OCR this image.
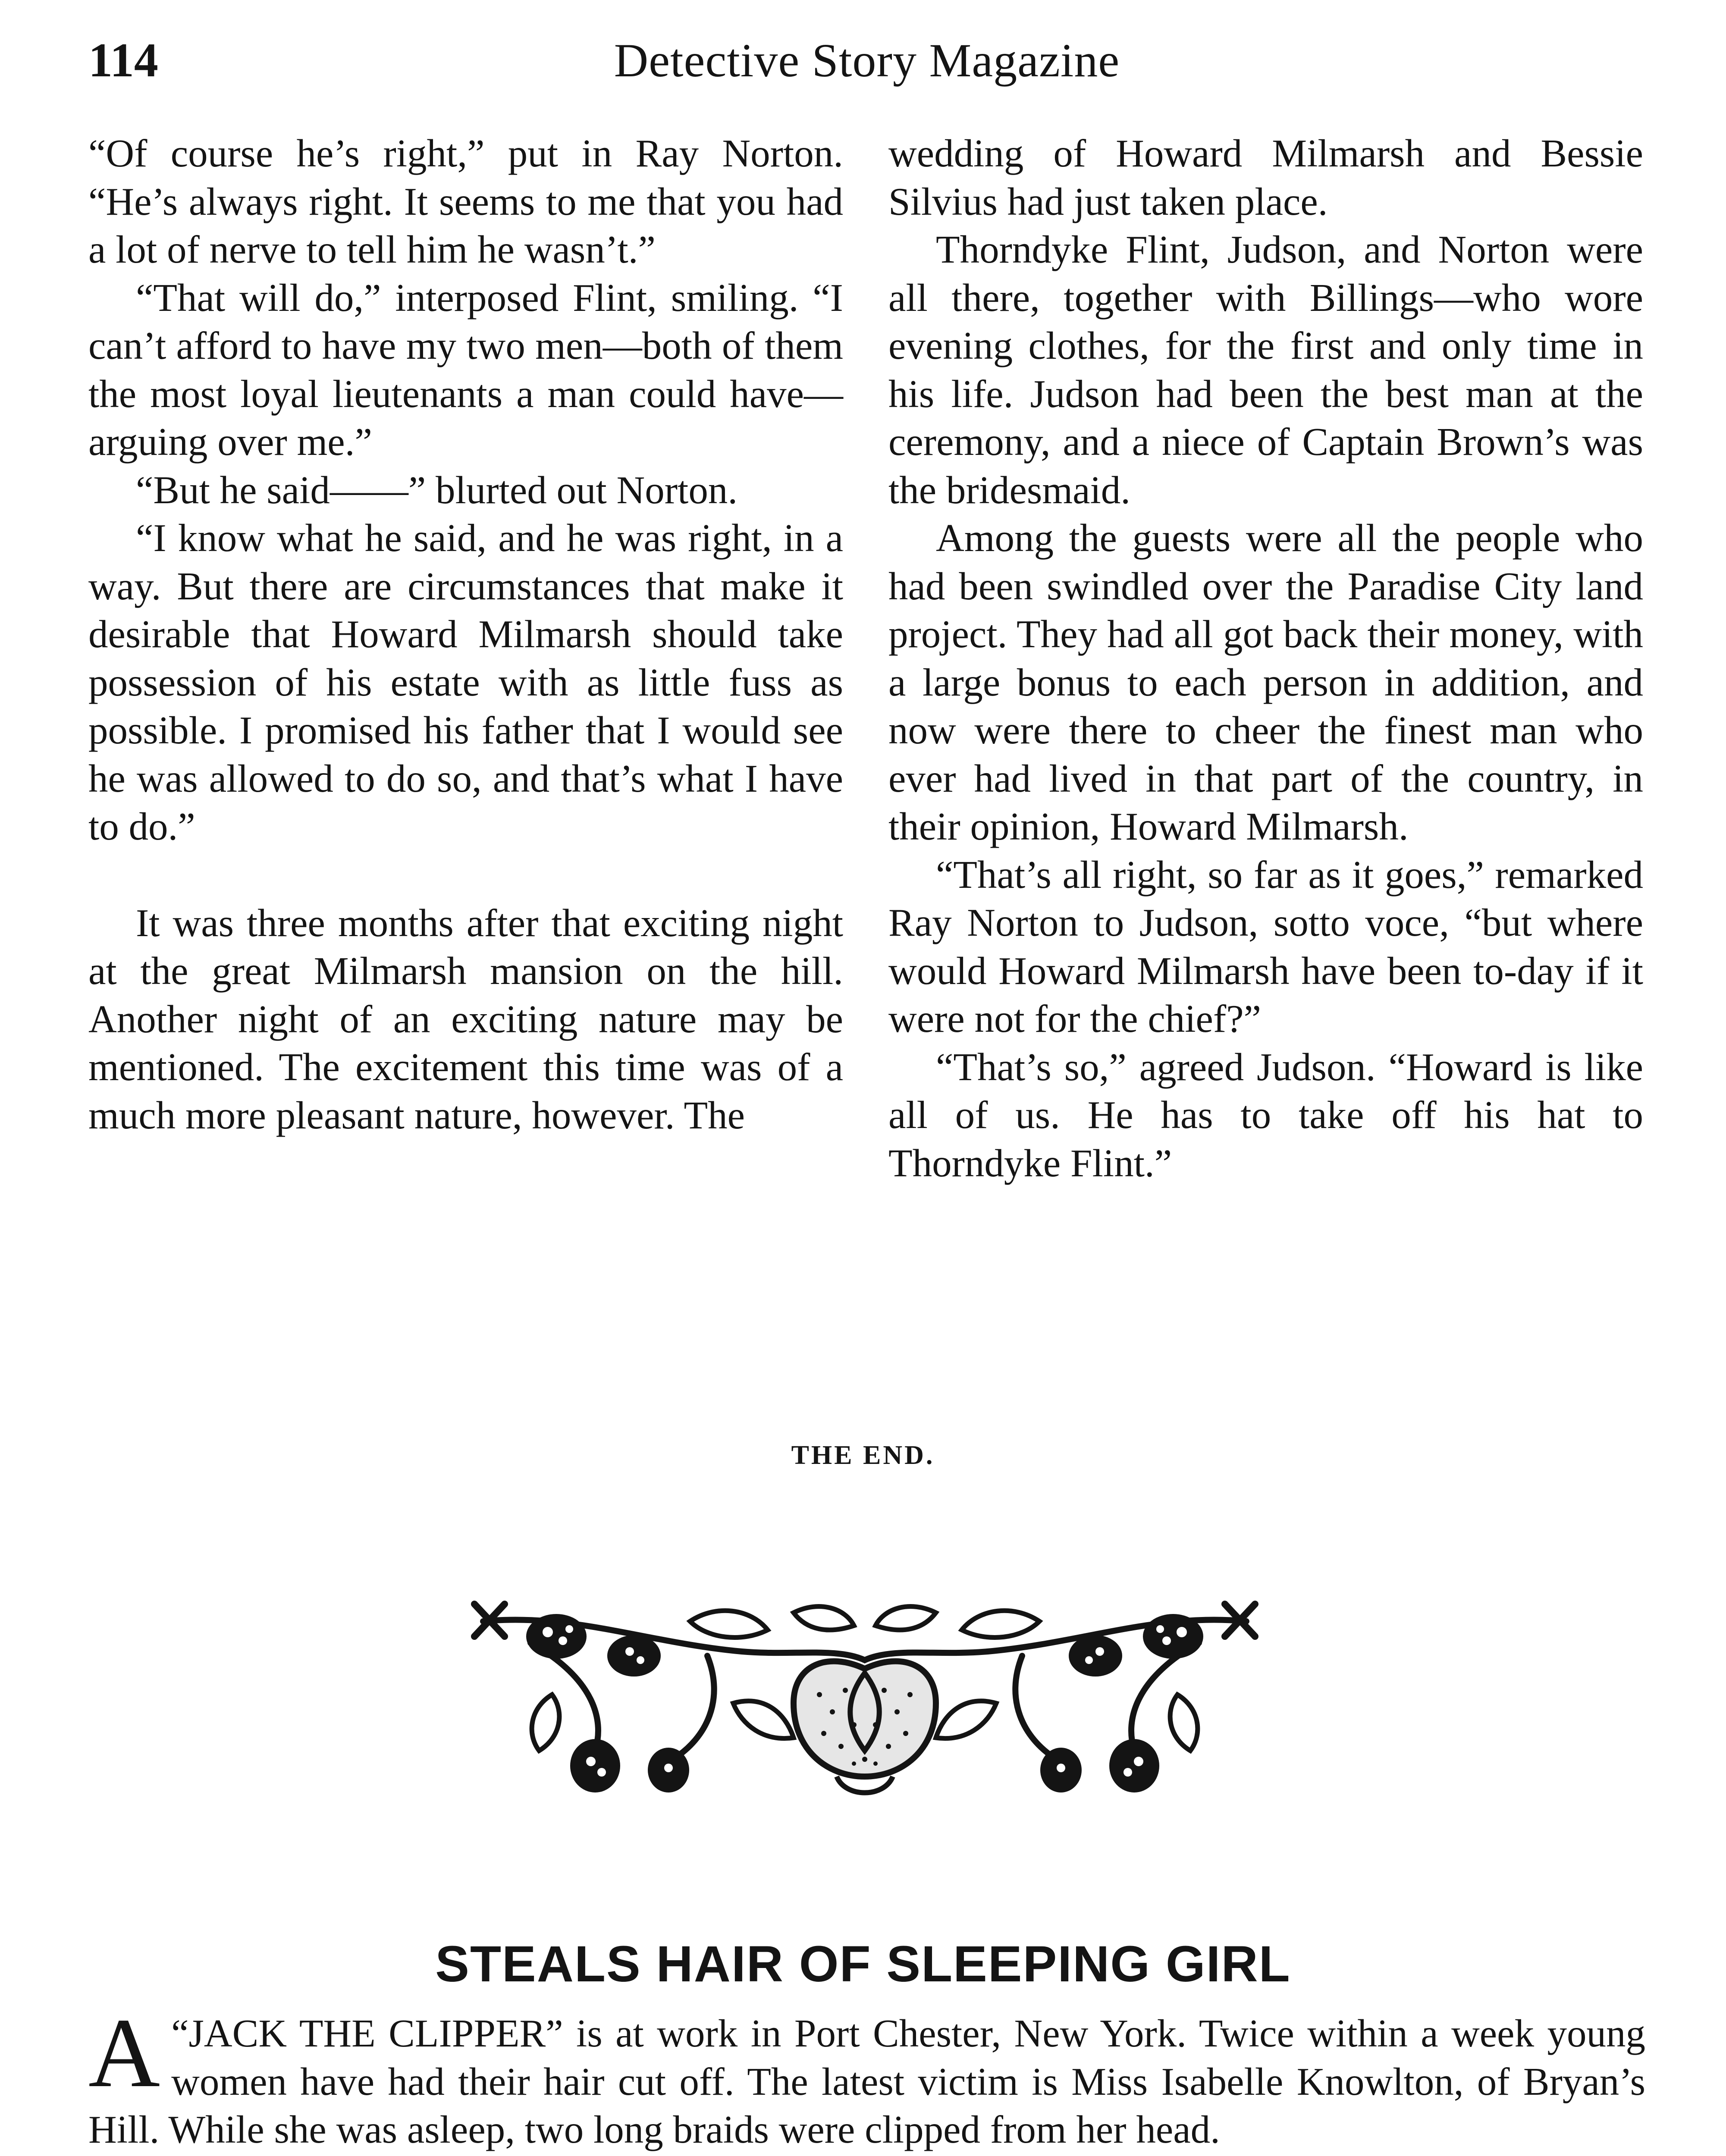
114	Detective Story Magazine

“Of course he’s right,” put in Ray Norton. “He’s always right. It seems to me that you had a lot of nerve to tell him he wasn’t.”

“That will do,” interposed Flint, smiling. “I can’t afford to have my two men—both of them the most loyal lieutenants a man could have—arguing over me.”

“But he said——” blurted out Norton.

“I know what he said, and he was right, in a way. But there are circumstances that make it desirable that Howard Milmarsh should take possession of his estate with as little fuss as possible. I promised his father that I would see he was allowed to do so, and that’s what I have to do.”

It was three months after that exciting night at the great Milmarsh mansion on the hill. Another night of an exciting nature may be mentioned. The excitement this time was of a much more pleasant nature, however. The

wedding of Howard Milmarsh and Bessie Silvius had just taken place.

Thorndyke Flint, Judson, and Norton were all there, together with Billings—who wore evening clothes, for the first and only time in his life. Judson had been the best man at the ceremony, and a niece of Captain Brown’s was the bridesmaid.

Among the guests were all the people who had been swindled over the Paradise City land project. They had all got back their money, with a large bonus to each person in addition, and now were there to cheer the finest man who ever had lived in that part of the country, in their opinion, Howard Milmarsh.

“That’s all right, so far as it goes,” remarked Ray Norton to Judson, sotto voce, “but where would Howard Milmarsh have been to-day if it were not for the chief?”

“That’s so,” agreed Judson. “Howard is like all of us. He has to take off his hat to Thorndyke Flint.”

THE END.
STEALS HAIR OF SLEEPING GIRL

A “JACK THE CLIPPER” is at work in Port Chester, New York. Twice within a week young women have had their hair cut off. The latest victim is Miss Isabelle Knowlton, of Bryan’s Hill. While she was asleep, two long braids were clipped from her head.
